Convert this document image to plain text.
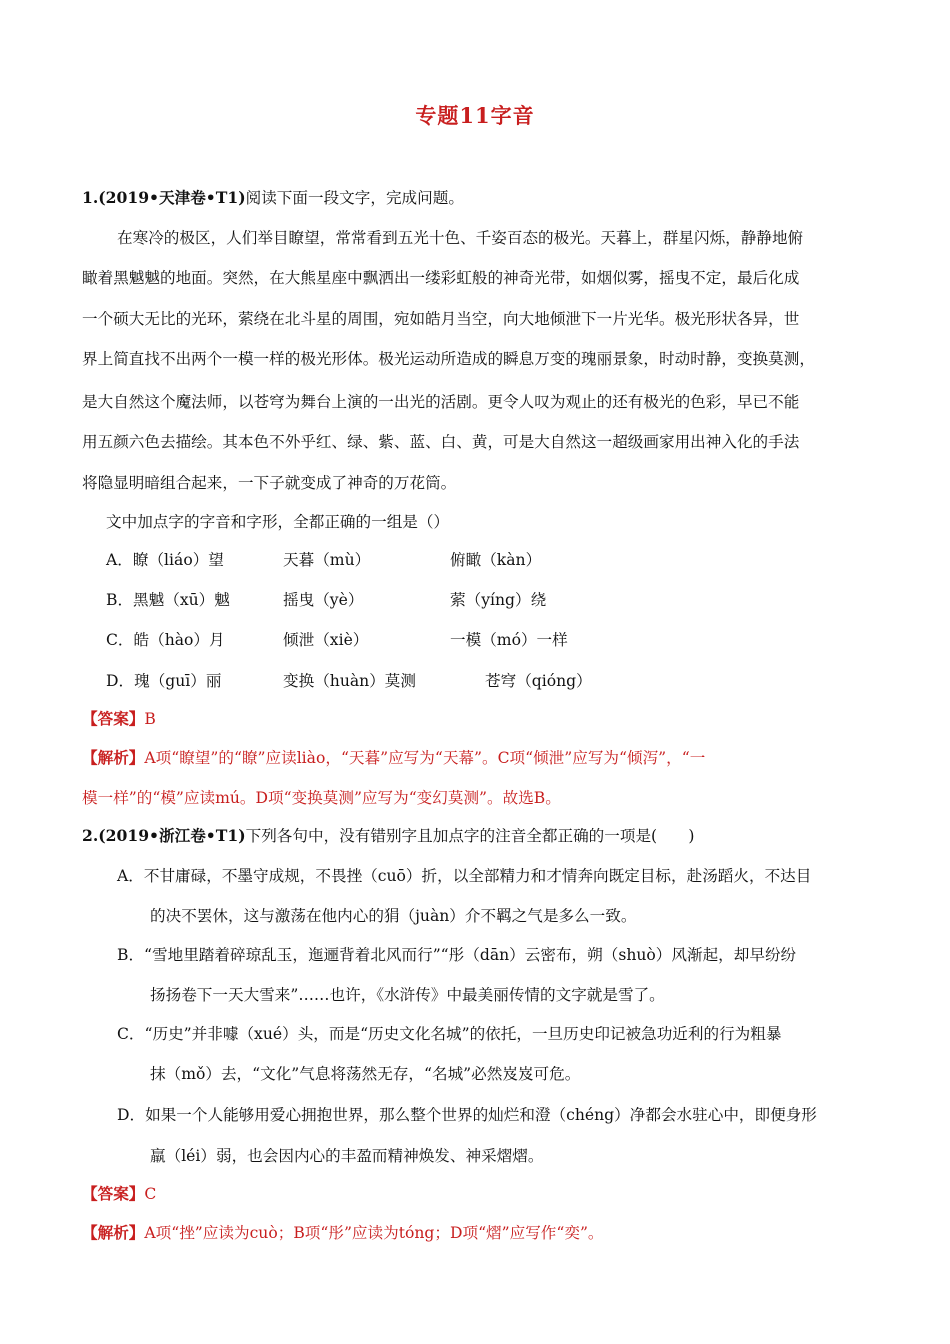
专题11字音
1.(2019•天津卷•T1)阅读下面一段文字，完成问题。
在寒冷的极区，人们举目瞭望，常常看到五光十色、千姿百态的极光。天暮上，群星闪烁，静静地俯
瞰着黑魆魆的地面。突然，在大熊星座中飘洒出一缕彩虹般的神奇光带，如烟似雾，摇曳不定，最后化成
一个硕大无比的光环，萦绕在北斗星的周围，宛如皓月当空，向大地倾泄下一片光华。极光形状各异，世
界上简直找不出两个一模一样的极光形体。极光运动所造成的瞬息万变的瑰丽景象，时动时静，变换莫测，
是大自然这个魔法师，以苍穹为舞台上演的一出光的活剧。更令人叹为观止的还有极光的色彩，早已不能
用五颜六色去描绘。其本色不外乎红、绿、紫、蓝、白、黄，可是大自然这一超级画家用出神入化的手法
将隐显明暗组合起来，一下子就变成了神奇的万花筒。
文中加点字的字音和字形，全都正确的一组是（）
A．瞭（liáo）望	天暮（mù）	俯瞰（kàn）
B．黑魆（xū）魆	摇曳（yè）	萦（yíng）绕
C．皓（hào）月	倾泄（xiè）	一模（mó）一样
D．瑰（guī）丽	变换（huàn）莫测	苍穹（qióng）
【答案】B
【解析】A项“瞭望”的“瞭”应读liào，“天暮”应写为“天幕”。C项“倾泄”应写为“倾泻”，“一
模一样”的“模”应读mú。D项“变换莫测”应写为“变幻莫测”。故选B。
2.(2019•浙江卷•T1)下列各句中，没有错别字且加点字的注音全都正确的一项是(　　)
A．不甘庸碌，不墨守成规，不畏挫（cuō）折，以全部精力和才情奔向既定目标，赴汤蹈火，不达目
的决不罢休，这与激荡在他内心的狷（juàn）介不羁之气是多么一致。
B．“雪地里踏着碎琼乱玉，迤逦背着北风而行”“彤（dān）云密布，朔（shuò）风渐起，却早纷纷
扬扬卷下一天大雪来”……也许，《水浒传》中最美丽传情的文字就是雪了。
C．“历史”并非噱（xué）头，而是“历史文化名城”的依托，一旦历史印记被急功近利的行为粗暴
抹（mǒ）去，“文化”气息将荡然无存，“名城”必然岌岌可危。
D．如果一个人能够用爱心拥抱世界，那么整个世界的灿烂和澄（chéng）净都会水驻心中，即便身形
羸（léi）弱，也会因内心的丰盈而精神焕发、神采熠熠。
【答案】C
【解析】A项“挫”应读为cuò；B项“彤”应读为tóng；D项“熠”应写作“奕”。
